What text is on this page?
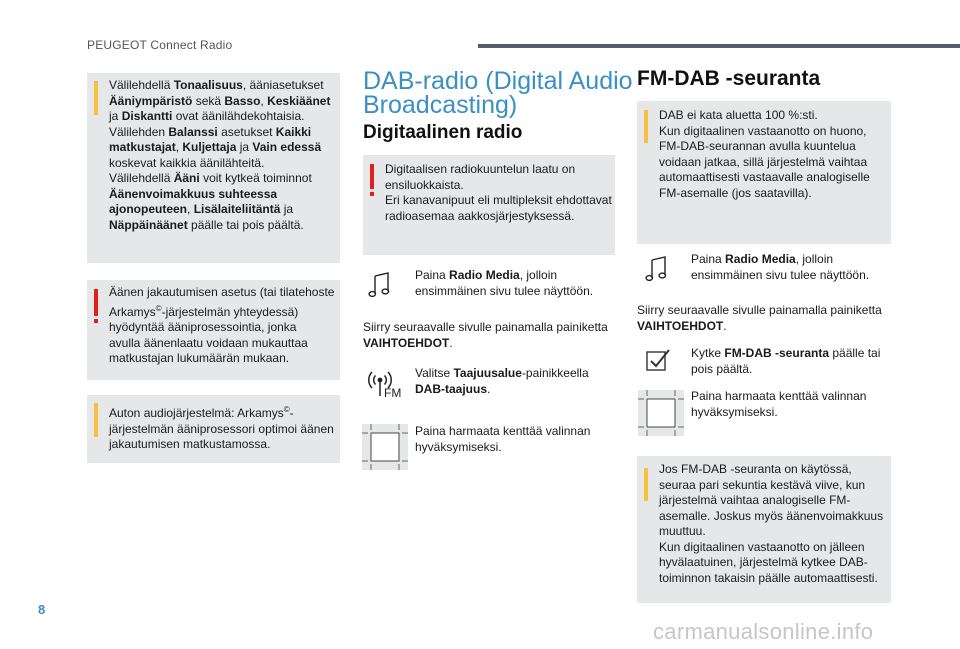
PEUGEOT Connect Radio
Välilehdellä Tonaalisuus, ääniasetukset
Ääniympäristö sekä Basso, Keskiäänet
ja Diskantti ovat äänilähdekohtaisia.
Välilehden Balanssi asetukset Kaikki
matkustajat, Kuljettaja ja Vain edessä
koskevat kaikkia äänilähteitä.
Välilehdellä Ääni voit kytkeä toiminnot
Äänenvoimakkuus suhteessa
ajonopeuteen, Lisälaiteliitäntä ja
Näppäinäänet päälle tai pois päältä.
Äänen jakautumisen asetus (tai tilatehoste
Arkamys©-järjestelmän yhteydessä)
hyödyntää ääniprosessointia, jonka
avulla äänenlaatu voidaan mukauttaa
matkustajan lukumäärän mukaan.
Auton audiojärjestelmä: Arkamys©-
järjestelmän ääniprosessori optimoi äänen
jakautumisen matkustamossa.
DAB-radio (Digital Audio
Broadcasting)
Digitaalinen radio
Digitaalisen radiokuuntelun laatu on
ensiluokkaista.
Eri kanavanipuut eli multipleksit ehdottavat
radioasemaa aakkosjärjestyksessä.
Paina Radio Media, jolloin
ensimmäinen sivu tulee näyttöön.
Siirry seuraavalle sivulle painamalla painiketta
VAIHTOEHDOT.
FM
Valitse Taajuusalue-painikkeella
DAB-taajuus.
Paina harmaata kenttää valinnan
hyväksymiseksi.
FM-DAB -seuranta
DAB ei kata aluetta 100 %:sti.
Kun digitaalinen vastaanotto on huono,
FM-DAB-seurannan avulla kuuntelua
voidaan jatkaa, sillä järjestelmä vaihtaa
automaattisesti vastaavalle analogiselle
FM-asemalle (jos saatavilla).
Paina Radio Media, jolloin
ensimmäinen sivu tulee näyttöön.
Siirry seuraavalle sivulle painamalla painiketta
VAIHTOEHDOT.
Kytke FM-DAB -seuranta päälle tai
pois päältä.
Paina harmaata kenttää valinnan
hyväksymiseksi.
Jos FM-DAB -seuranta on käytössä,
seuraa pari sekuntia kestävä viive, kun
järjestelmä vaihtaa analogiselle FM-
asemalle. Joskus myös äänenvoimakkuus
muuttuu.
Kun digitaalinen vastaanotto on jälleen
hyvälaatuinen, järjestelmä kytkee DAB-
toiminnon takaisin päälle automaattisesti.
8
carmanualsonline.info
